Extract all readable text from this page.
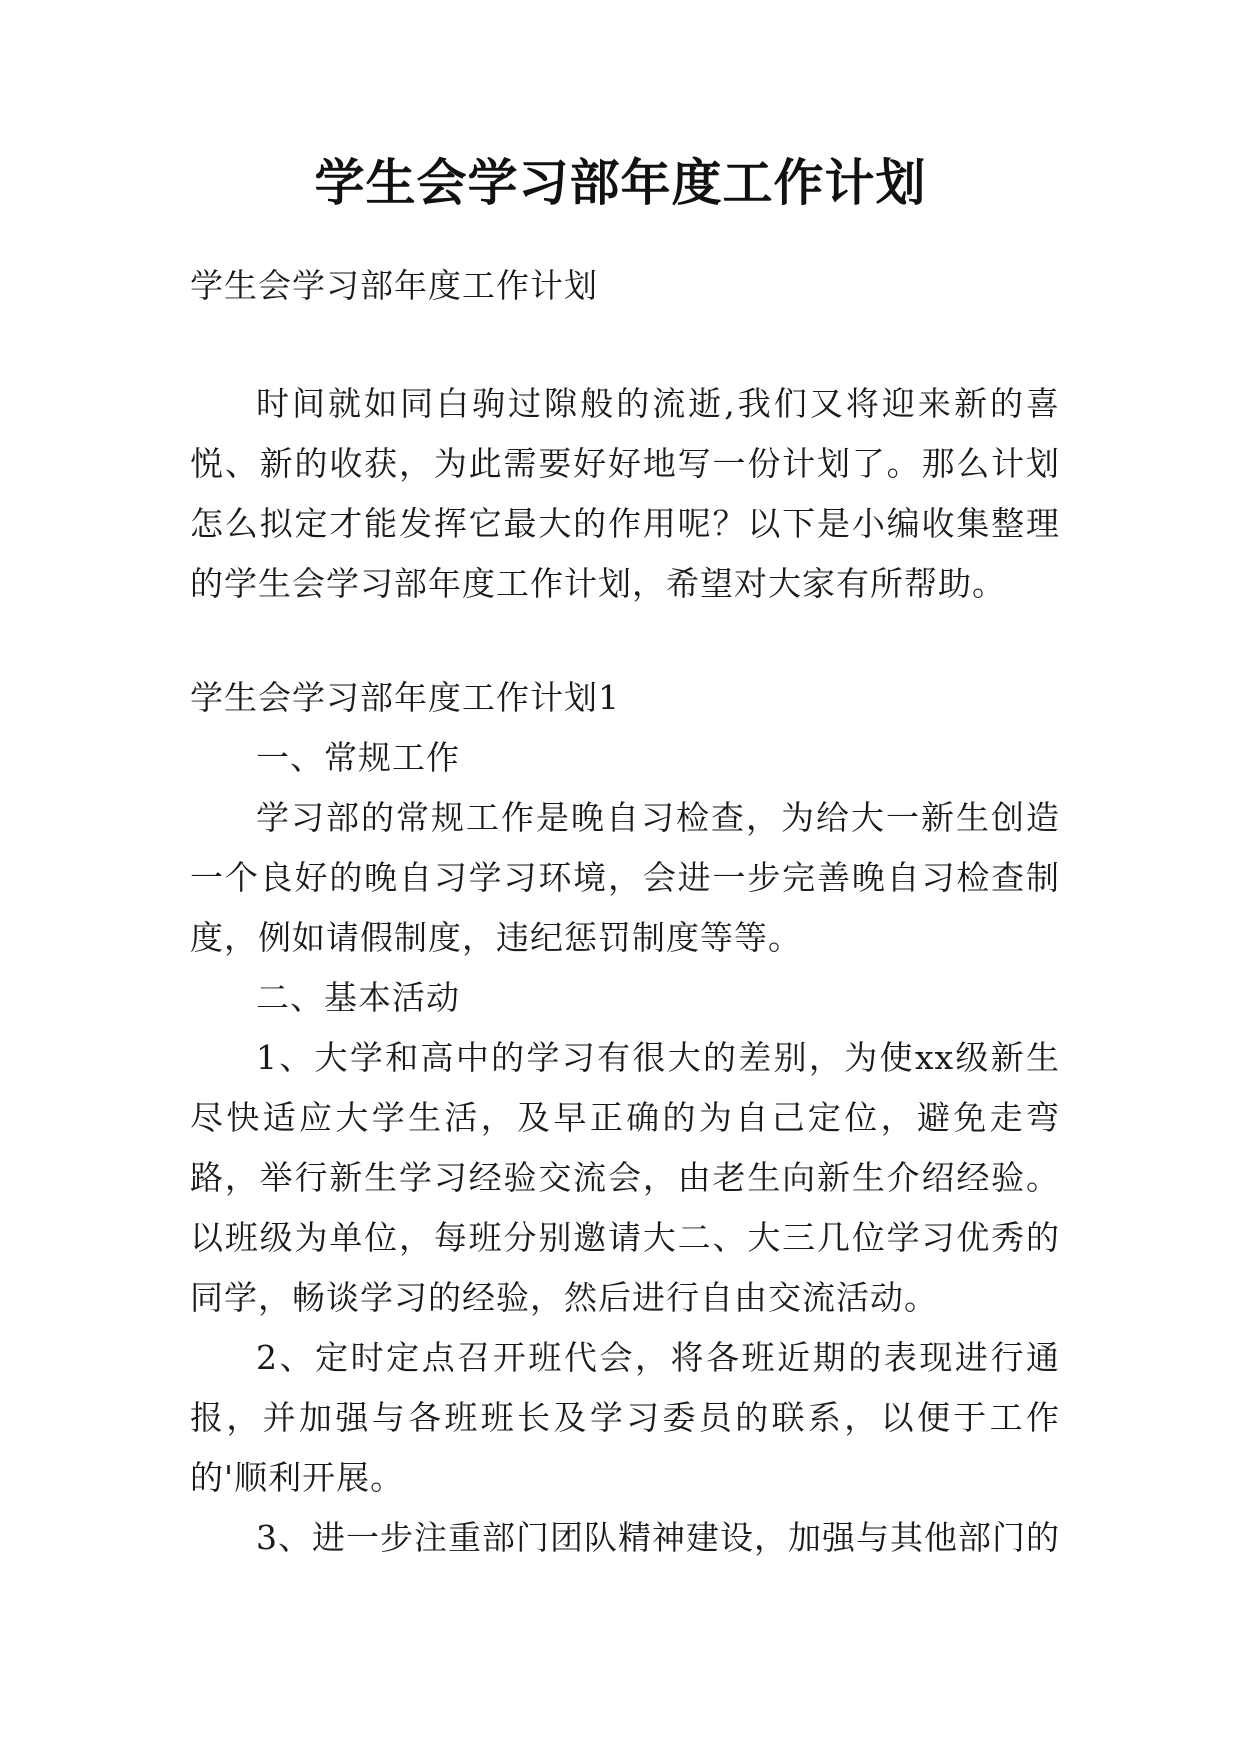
学生会学习部年度工作计划

学生会学习部年度工作计划

时间就如同白驹过隙般的流逝,我们又将迎来新的喜悦、新的收获，为此需要好好地写一份计划了。那么计划怎么拟定才能发挥它最大的作用呢？以下是小编收集整理的学生会学习部年度工作计划，希望对大家有所帮助。

学生会学习部年度工作计划1

一、常规工作

学习部的常规工作是晚自习检查，为给大一新生创造一个良好的晚自习学习环境，会进一步完善晚自习检查制度，例如请假制度，违纪惩罚制度等等。

二、基本活动

1、大学和高中的学习有很大的差别，为使xx级新生尽快适应大学生活，及早正确的为自己定位，避免走弯路，举行新生学习经验交流会，由老生向新生介绍经验。以班级为单位，每班分别邀请大二、大三几位学习优秀的同学，畅谈学习的经验，然后进行自由交流活动。

2、定时定点召开班代会，将各班近期的表现进行通报，并加强与各班班长及学习委员的联系，以便于工作的'顺利开展。

3、进一步注重部门团队精神建设，加强与其他部门的
